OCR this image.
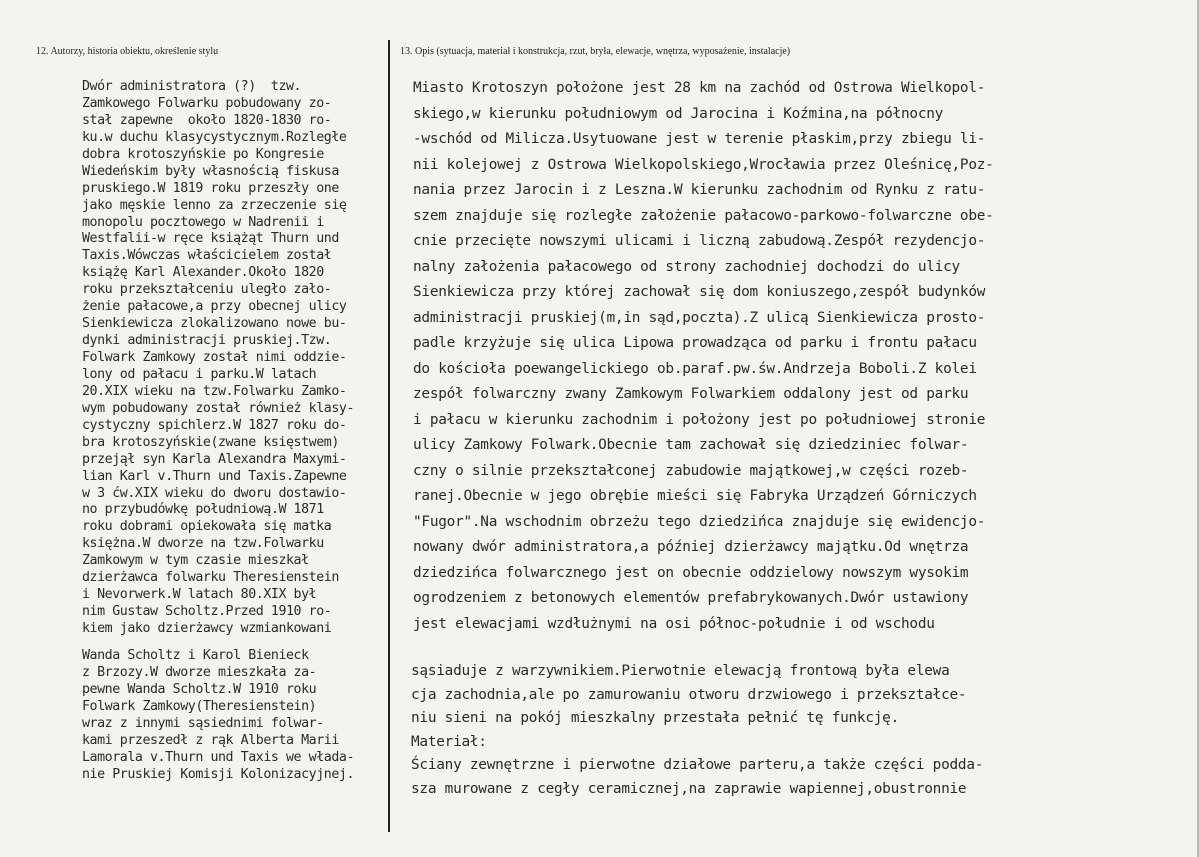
12. Autorzy, historia obiektu, określenie stylu	13. Opis (sytuacja, materiał i konstrukcja, rzut, bryła, elewacje, wnętrza, wyposażenie, instalacje)
Dwór administratora (?)  tzw.
Zamkowego Folwarku pobudowany zo-
stał zapewne  około 1820-1830 ro-
ku.w duchu klasycystycznym.Rozległe
dobra krotoszyńskie po Kongresie
Wiedeńskim były własnością fiskusa
pruskiego.W 1819 roku przeszły one
jako męskie lenno za zrzeczenie się
monopolu pocztowego w Nadrenii i
Westfalii-w ręce książąt Thurn und
Taxis.Wówczas właścicielem został
książę Karl Alexander.Około 1820
roku przekształceniu uległo zało-
żenie pałacowe,a przy obecnej ulicy
Sienkiewicza zlokalizowano nowe bu-
dynki administracji pruskiej.Tzw.
Folwark Zamkowy został nimi oddzie-
lony od pałacu i parku.W latach
20.XIX wieku na tzw.Folwarku Zamko-
wym pobudowany został również klasy-
cystyczny spichlerz.W 1827 roku do-
bra krotoszyńskie(zwane księstwem)
przejął syn Karla Alexandra Maxymi-
lian Karl v.Thurn und Taxis.Zapewne
w 3 ćw.XIX wieku do dworu dostawio-
no przybudówkę południową.W 1871
roku dobrami opiekowała się matka
księżna.W dworze na tzw.Folwarku
Zamkowym w tym czasie mieszkał
dzierżawca folwarku Theresienstein
i Nevorwerk.W latach 80.XIX był
nim Gustaw Scholtz.Przed 1910 ro-
kiem jako dzierżawcy wzmiankowani
Wanda Scholtz i Karol Bienieck
z Brzozy.W dworze mieszkała za-
pewne Wanda Scholtz.W 1910 roku
Folwark Zamkowy(Theresienstein)
wraz z innymi sąsiednimi folwar-
kami przeszedł z rąk Alberta Marii
Lamorala v.Thurn und Taxis we włada-
nie Pruskiej Komisji Kolonizacyjnej.
Miasto Krotoszyn położone jest 28 km na zachód od Ostrowa Wielkopol-
skiego,w kierunku południowym od Jarocina i Koźmina,na północny
-wschód od Milicza.Usytuowane jest w terenie płaskim,przy zbiegu li-
nii kolejowej z Ostrowa Wielkopolskiego,Wrocławia przez Oleśnicę,Poz-
nania przez Jarocin i z Leszna.W kierunku zachodnim od Rynku z ratu-
szem znajduje się rozległe założenie pałacowo-parkowo-folwarczne obe-
cnie przecięte nowszymi ulicami i liczną zabudową.Zespół rezydencjo-
nalny założenia pałacowego od strony zachodniej dochodzi do ulicy
Sienkiewicza przy której zachował się dom koniuszego,zespół budynków
administracji pruskiej(m,in sąd,poczta).Z ulicą Sienkiewicza prosto-
padle krzyżuje się ulica Lipowa prowadząca od parku i frontu pałacu
do kościoła poewangelickiego ob.paraf.pw.św.Andrzeja Boboli.Z kolei
zespół folwarczny zwany Zamkowym Folwarkiem oddalony jest od parku
i pałacu w kierunku zachodnim i położony jest po południowej stronie
ulicy Zamkowy Folwark.Obecnie tam zachował się dziedziniec folwar-
czny o silnie przekształconej zabudowie majątkowej,w części rozeb-
ranej.Obecnie w jego obrębie mieści się Fabryka Urządzeń Górniczych
"Fugor".Na wschodnim obrzeżu tego dziedzińca znajduje się ewidencjo-
nowany dwór administratora,a później dzierżawcy majątku.Od wnętrza
dziedzińca folwarcznego jest on obecnie oddzielowy nowszym wysokim
ogrodzeniem z betonowych elementów prefabrykowanych.Dwór ustawiony
jest elewacjami wzdłużnymi na osi północ-południe i od wschodu
sąsiaduje z warzywnikiem.Pierwotnie elewacją frontową była elewa
cja zachodnia,ale po zamurowaniu otworu drzwiowego i przekształce-
niu sieni na pokój mieszkalny przestała pełnić tę funkcję.
Materiał:
Ściany zewnętrzne i pierwotne działowe parteru,a także części podda-
sza murowane z cegły ceramicznej,na zaprawie wapiennej,obustronnie
